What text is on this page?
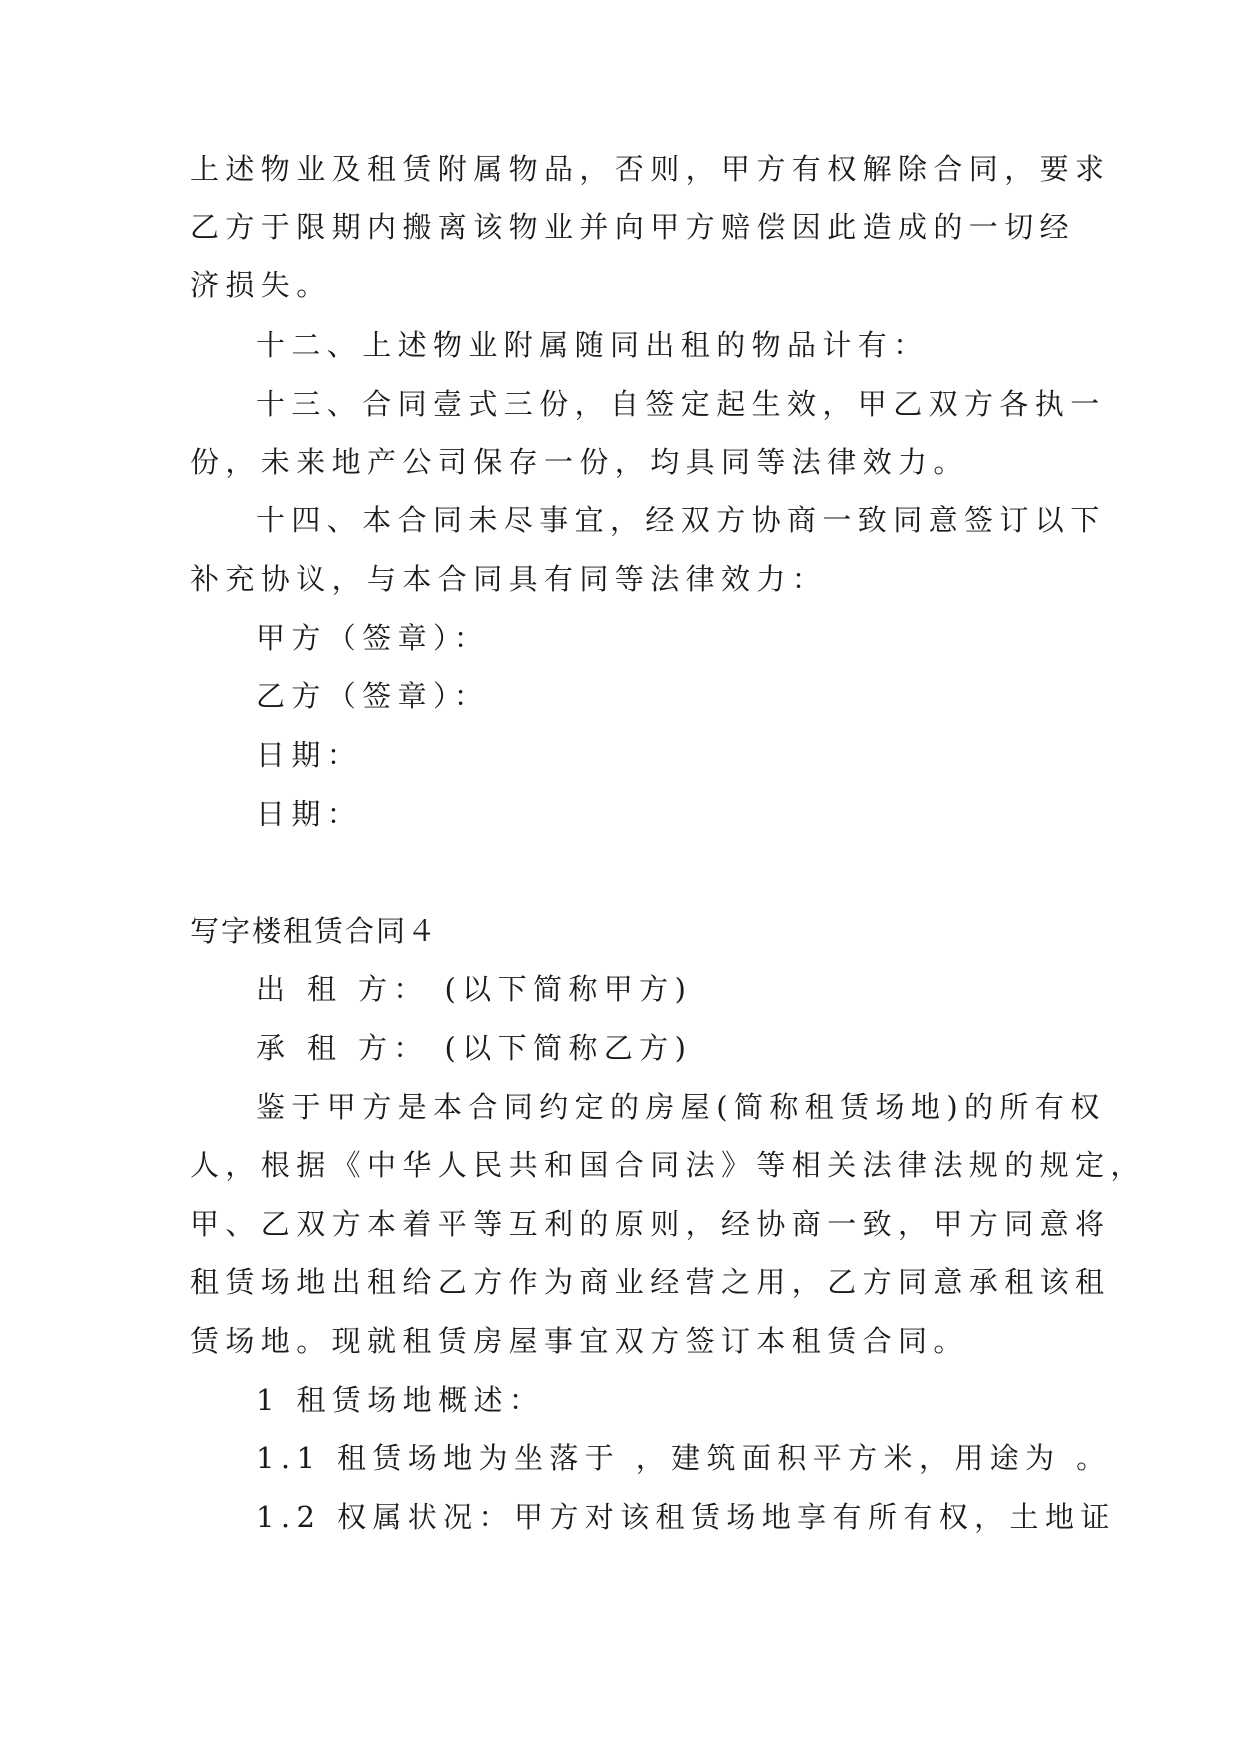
上述物业及租赁附属物品，否则，甲方有权解除合同，要求
乙方于限期内搬离该物业并向甲方赔偿因此造成的一切经
济损失。
十二、上述物业附属随同出租的物品计有：
十三、合同壹式三份，自签定起生效，甲乙双方各执一
份，未来地产公司保存一份，均具同等法律效力。
十四、本合同未尽事宜，经双方协商一致同意签订以下
补充协议，与本合同具有同等法律效力：
甲方（签章）：
乙方（签章）：
日期：
日期：
写字楼租赁合同４
出 租 方： (以下简称甲方)
承 租 方： (以下简称乙方)
鉴于甲方是本合同约定的房屋(简称租赁场地)的所有权
人，根据《中华人民共和国合同法》等相关法律法规的规定，
甲、乙双方本着平等互利的原则，经协商一致，甲方同意将
租赁场地出租给乙方作为商业经营之用，乙方同意承租该租
赁场地。现就租赁房屋事宜双方签订本租赁合同。
1 租赁场地概述：
1.1 租赁场地为坐落于 ，建筑面积平方米，用途为 。
1.2 权属状况：甲方对该租赁场地享有所有权，土地证
